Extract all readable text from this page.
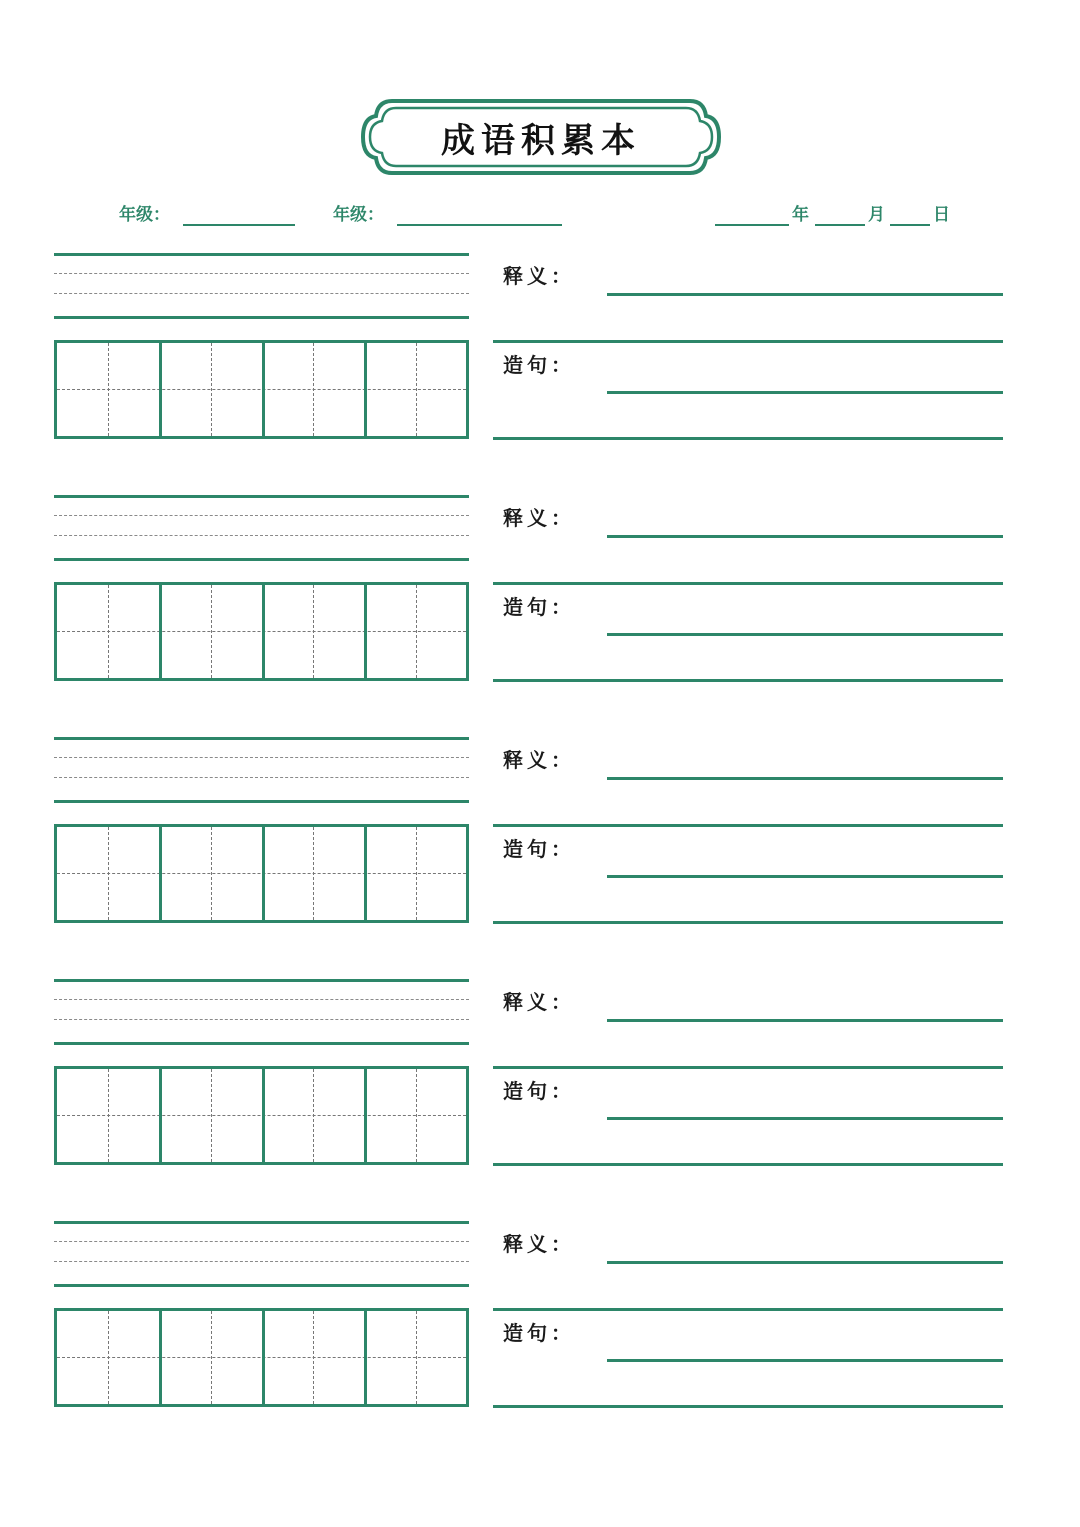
成语积累本
年级：	年级：	年	月	日
释义：
造句：
释义：
造句：
释义：
造句：
释义：
造句：
释义：
造句：
